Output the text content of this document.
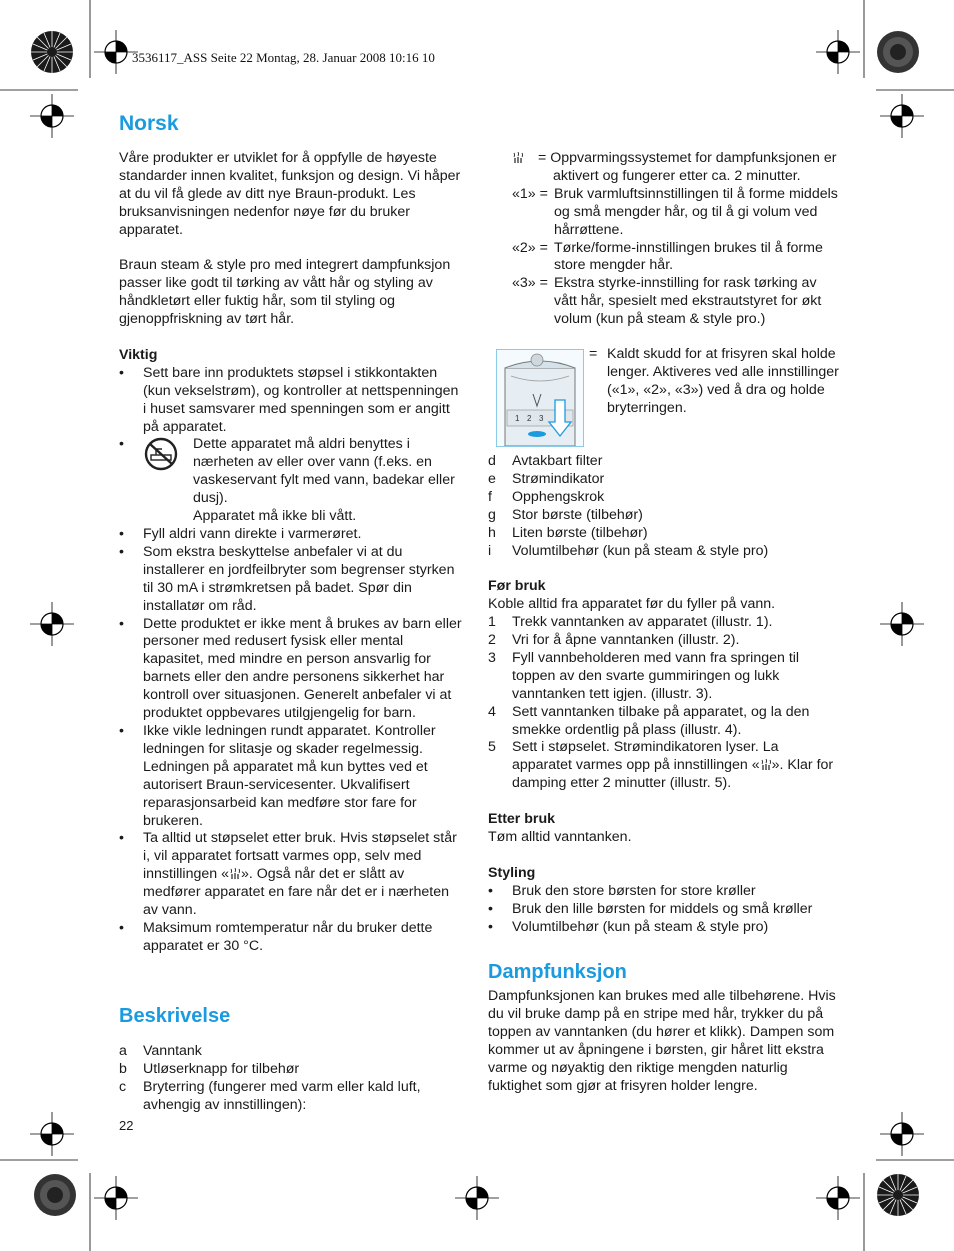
3536117_ASS Seite 22 Montag, 28. Januar 2008 10:16 10
Norsk

Våre produkter er utviklet for å oppfylle de høyeste standarder innen kvalitet, funksjon og design. Vi håper at du vil få glede av ditt nye Braun-produkt. Les bruksanvisningen nedenfor nøye før du bruker apparatet.

Braun steam & style pro med integrert dampfunksjon passer like godt til tørking av vått hår og styling av håndkletørt eller fuktig hår, som til styling og gjenoppfriskning av tørt hår.

Viktig

•	Sett bare inn produktets støpsel i stikkontakten (kun vekselstrøm), og kontroller at nettspenningen i huset samsvarer med spenningen som er angitt på apparatet.
•	Dette apparatet må aldri benyttes i nærheten av eller over vann (f.eks. en vaskeservant fylt med vann, badekar eller dusj).
Apparatet må ikke bli vått.
•	Fyll aldri vann direkte i varmerøret.
•	Som ekstra beskyttelse anbefaler vi at du installerer en jordfeilbryter som begrenser styrken til 30 mA i strømkretsen på badet. Spør din installatør om råd.
•	Dette produktet er ikke ment å brukes av barn eller personer med redusert fysisk eller mental kapasitet, med mindre en person ansvarlig for barnets eller den andre personens sikkerhet har kontroll over situasjonen. Generelt anbefaler vi at produktet oppbevares utilgjengelig for barn.
•	Ikke vikle ledningen rundt apparatet. Kontroller ledningen for slitasje og skader regelmessig. Ledningen på apparatet må kun byttes ved et autorisert Braun-servicesenter. Ukvalifisert reparasjonsarbeid kan medføre stor fare for brukeren.
•	Ta alltid ut støpselet etter bruk. Hvis støpselet står i, vil apparatet fortsatt varmes opp, selv med innstillingen « ». Også når det er slått av medfører apparatet en fare når det er i nærheten av vann.
•	Maksimum romtemperatur når du bruker dette apparatet er 30 °C.
Beskrivelse
a	Vanntank
b	Utløserknapp for tilbehør
c	Bryterring (fungerer med varm eller kald luft, avhengig av innstillingen):
22
= Oppvarmingssystemet for dampfunksjonen er aktivert og fungerer etter ca. 2 minutter.
«1» = Bruk varmluftsinnstillingen til å forme middels og små mengder hår, og til å gi volum ved hårrøttene.
«2» = Tørke/forme-innstillingen brukes til å forme store mengder hår.
«3» = Ekstra styrke-innstilling for rask tørking av vått hår, spesielt med ekstrautstyret for økt volum (kun på steam & style pro.)
1 2 3
= Kaldt skudd for at frisyren skal holde lenger. Aktiveres ved alle innstillinger («1», «2», «3») ved å dra og holde bryterringen.
d	Avtakbart filter
e	Strømindikator
f	Opphengskrok
g	Stor børste (tilbehør)
h	Liten børste (tilbehør)
i	Volumtilbehør (kun på steam & style pro)

Før bruk

Koble alltid fra apparatet før du fyller på vann.

1	Trekk vanntanken av apparatet (illustr. 1).
2	Vri for å åpne vanntanken (illustr. 2).
3	Fyll vannbeholderen med vann fra springen til toppen av den svarte gummiringen og lukk vanntanken tett igjen. (illustr. 3).
4	Sett vanntanken tilbake på apparatet, og la den smekke ordentlig på plass (illustr. 4).
5	Sett i støpselet. Strømindikatoren lyser. La apparatet varmes opp på innstillingen « ». Klar for damping etter 2 minutter (illustr. 5).

Etter bruk

Tøm alltid vanntanken.

Styling

•	Bruk den store børsten for store krøller
•	Bruk den lille børsten for middels og små krøller
•	Volumtilbehør (kun på steam & style pro)
Dampfunksjon

Dampfunksjonen kan brukes med alle tilbehørene. Hvis du vil bruke damp på en stripe med hår, trykker du på toppen av vanntanken (du hører et klikk). Dampen som kommer ut av åpningene i børsten, gir håret litt ekstra varme og nøyaktig den riktige mengden naturlig fuktighet som gjør at frisyren holder lengre.
